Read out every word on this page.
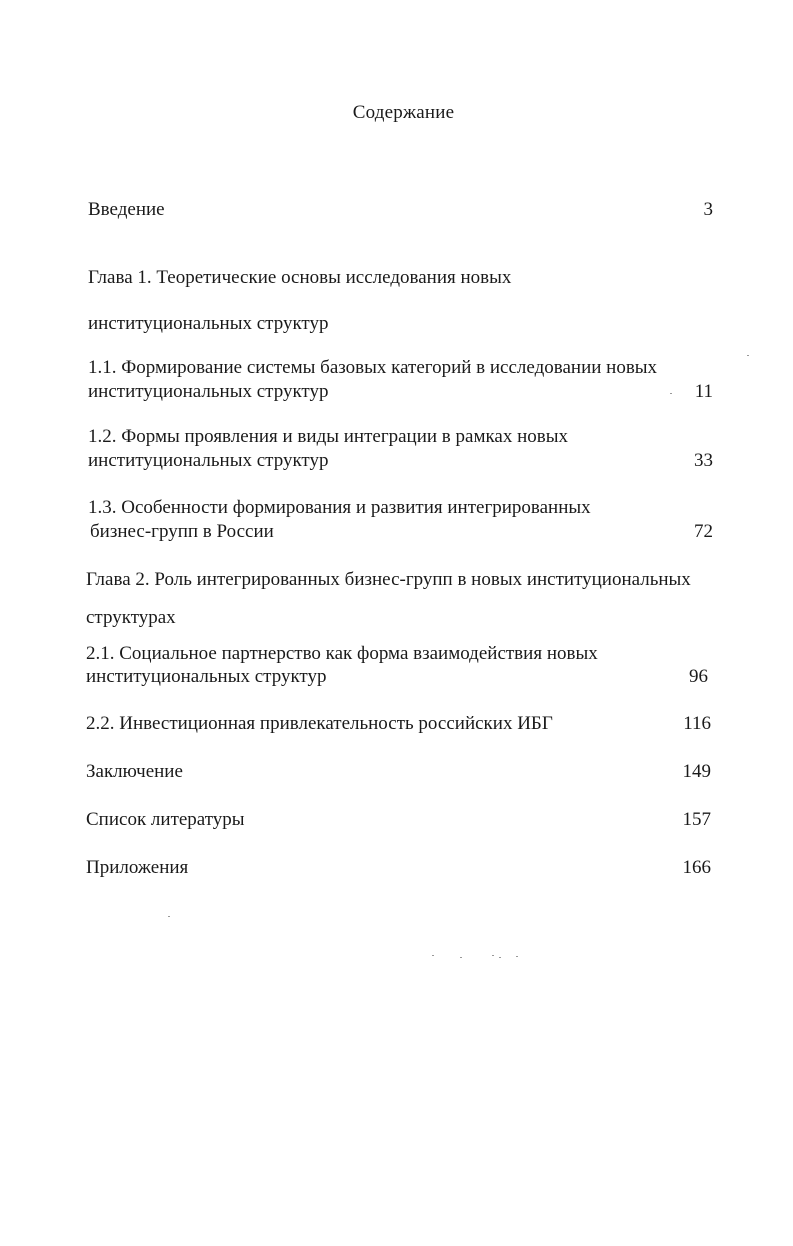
Содержание
Введение	3
Глава 1. Теоретические основы исследования новых
институциональных структур
1.1. Формирование системы базовых категорий в исследовании новых
институциональных структур	11
1.2. Формы проявления и виды интеграции в рамках новых
институциональных структур	33
1.3. Особенности формирования и развития интегрированных
бизнес-групп в России	72
Глава 2. Роль интегрированных бизнес-групп в новых институциональных
структурах
2.1. Социальное партнерство как форма взаимодействия новых
институциональных структур	96
2.2. Инвестиционная привлекательность российских ИБГ	116
Заключение	149
Список литературы	157
Приложения	166
